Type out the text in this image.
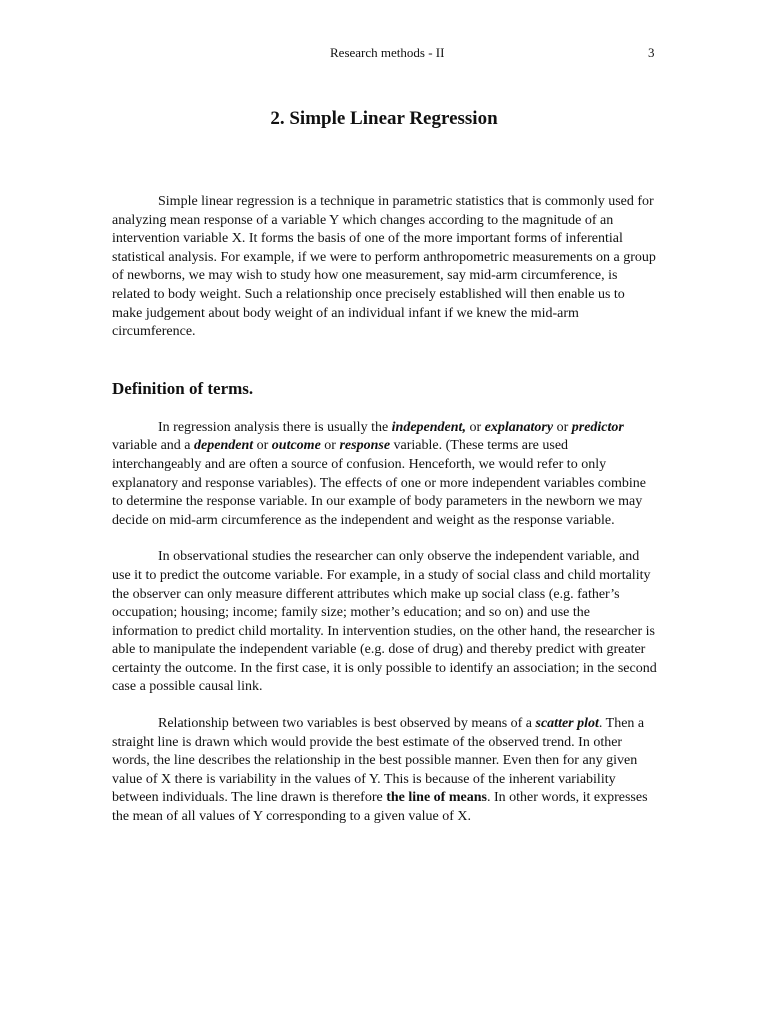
Research methods - II	3
2. Simple Linear Regression

Simple linear regression is a technique in parametric statistics that is commonly used for analyzing mean response of a variable Y which changes according to the magnitude of an intervention variable X. It forms the basis of one of the more important forms of inferential statistical analysis. For example, if we were to perform anthropometric measurements on a group of newborns, we may wish to study how one measurement, say mid-arm circumference, is related to body weight. Such a relationship once precisely established will then enable us to make judgement about body weight of an individual infant if we knew the mid-arm circumference.

Definition of terms.

In regression analysis there is usually the independent, or explanatory or predictor variable and a dependent or outcome or response variable. (These terms are used interchangeably and are often a source of confusion. Henceforth, we would refer to only explanatory and response variables). The effects of one or more independent variables combine to determine the response variable. In our example of body parameters in the newborn we may decide on mid-arm circumference as the independent and weight as the response variable.

In observational studies the researcher can only observe the independent variable, and use it to predict the outcome variable. For example, in a study of social class and child mortality the observer can only measure different attributes which make up social class (e.g. father’s occupation; housing; income; family size; mother’s education; and so on) and use the information to predict child mortality. In intervention studies, on the other hand, the researcher is able to manipulate the independent variable (e.g. dose of drug) and thereby predict with greater certainty the outcome. In the first case, it is only possible to identify an association; in the second case a possible causal link.

Relationship between two variables is best observed by means of a scatter plot. Then a straight line is drawn which would provide the best estimate of the observed trend. In other words, the line describes the relationship in the best possible manner. Even then for any given value of X there is variability in the values of Y. This is because of the inherent variability between individuals. The line drawn is therefore the line of means. In other words, it expresses the mean of all values of Y corresponding to a given value of X.
